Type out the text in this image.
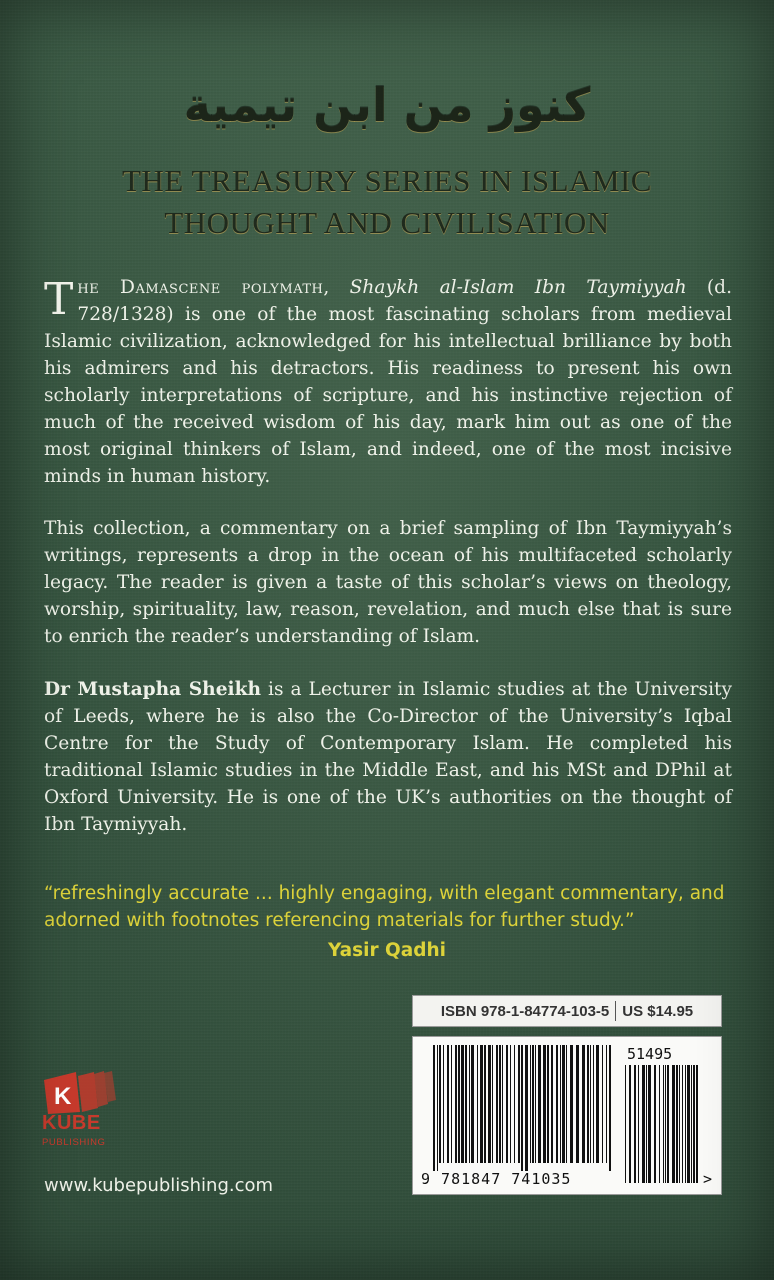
كنوز من ابن تيمية
THE TREASURY SERIES IN ISLAMIC
THOUGHT AND CIVILISATION

The Damascene polymath, Shaykh al-Islam Ibn Taymiyyah (d. 728/1328) is one of the most fascinating scholars from medieval Islamic civilization, acknowledged for his intellectual brilliance by both his admirers and his detractors. His readiness to present his own scholarly interpretations of scripture, and his instinctive rejection of much of the received wisdom of his day, mark him out as one of the most original thinkers of Islam, and indeed, one of the most incisive minds in human history.

This collection, a commentary on a brief sampling of Ibn Taymiyyah’s writings, represents a drop in the ocean of his multifaceted scholarly legacy. The reader is given a taste of this scholar’s views on theology, worship, spirituality, law, reason, revelation, and much else that is sure to enrich the reader’s understanding of Islam.

Dr Mustapha Sheikh is a Lecturer in Islamic studies at the University of Leeds, where he is also the Co-Director of the University’s Iqbal Centre for the Study of Contemporary Islam. He completed his traditional Islamic studies in the Middle East, and his MSt and DPhil at Oxford University. He is one of the UK’s authorities on the thought of Ibn Taymiyyah.

“refreshingly accurate ... highly engaging, with elegant commentary, and adorned with footnotes referencing materials for further study.”

Yasir Qadhi
ISBN 978-1-84774-103-5 US $14.95
51495
9 781847 741035	>
K
KUBE
PUBLISHING
www.kubepublishing.com
